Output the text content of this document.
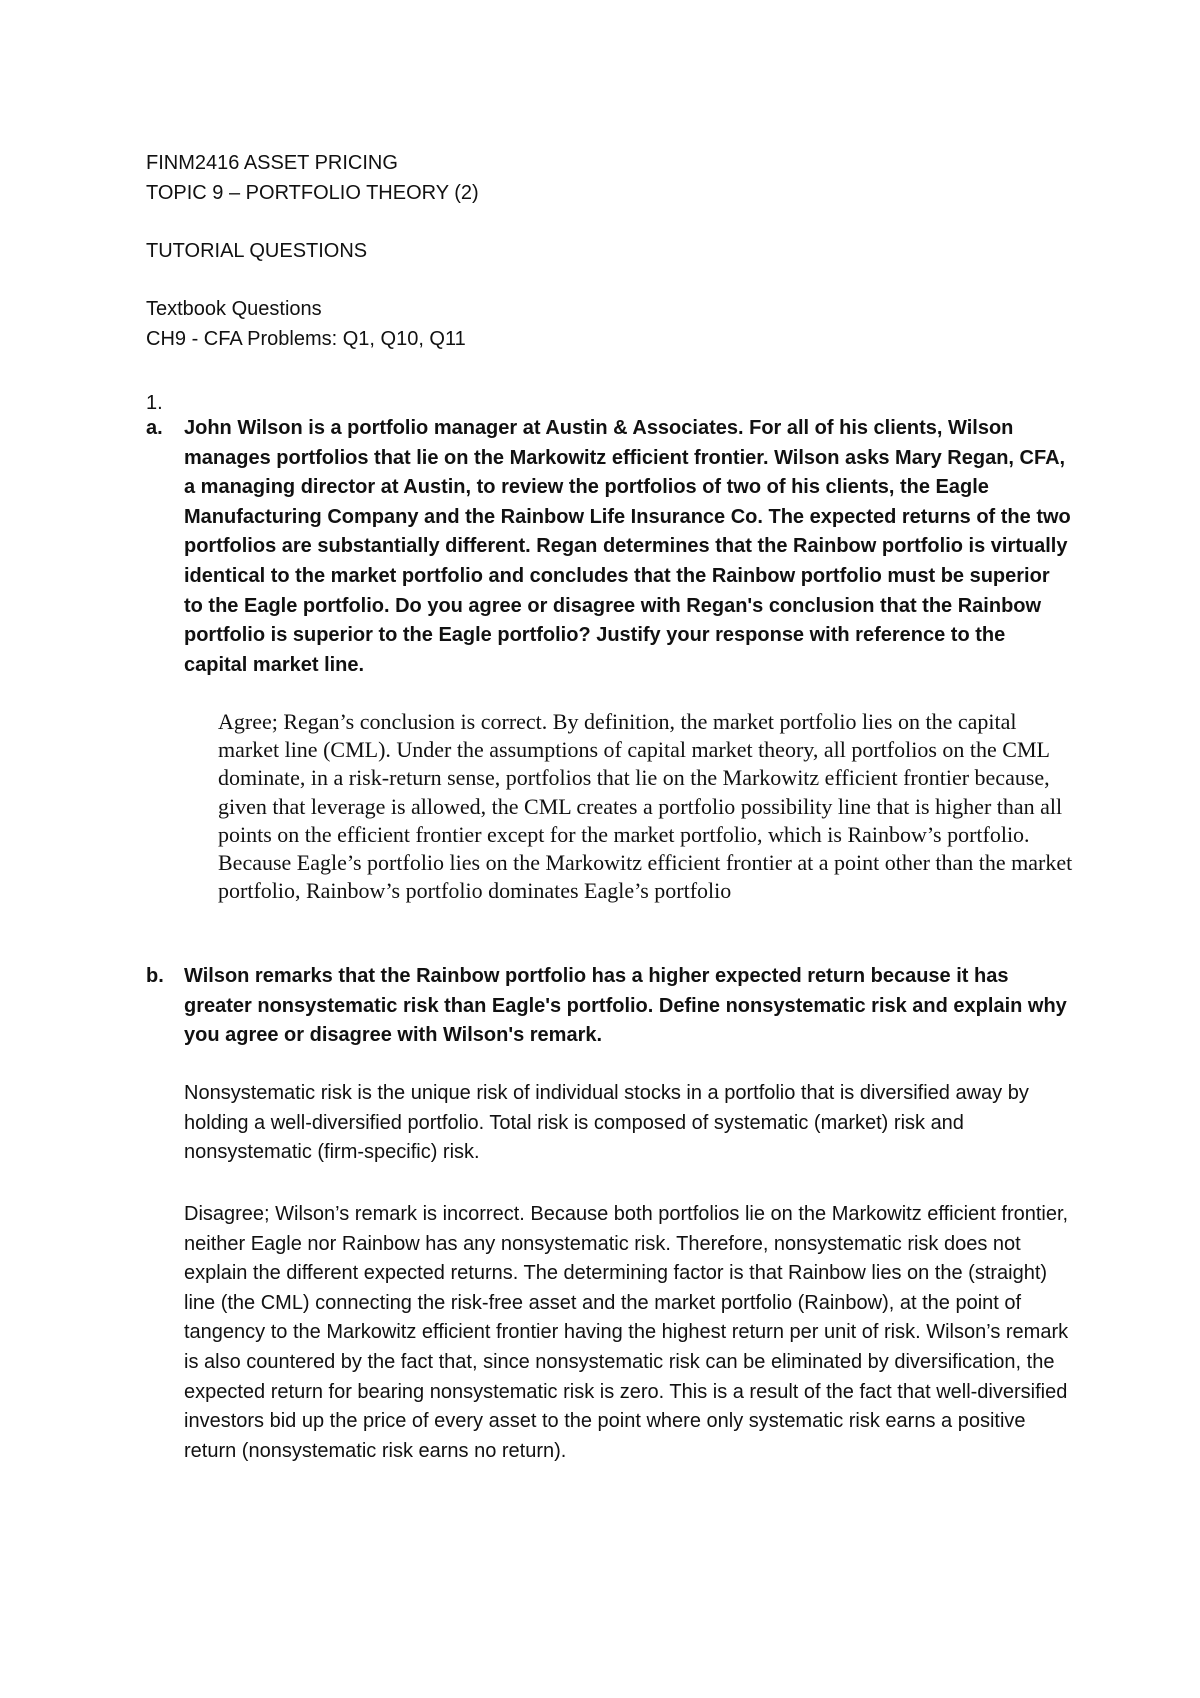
FINM2416 ASSET PRICING

TOPIC 9 – PORTFOLIO THEORY (2)

TUTORIAL QUESTIONS

Textbook Questions

CH9 - CFA Problems: Q1, Q10, Q11

1.

a. John Wilson is a portfolio manager at Austin & Associates. For all of his clients, Wilson manages portfolios that lie on the Markowitz efficient frontier. Wilson asks Mary Regan, CFA, a managing director at Austin, to review the portfolios of two of his clients, the Eagle Manufacturing Company and the Rainbow Life Insurance Co. The expected returns of the two portfolios are substantially different. Regan determines that the Rainbow portfolio is virtually identical to the market portfolio and concludes that the Rainbow portfolio must be superior to the Eagle portfolio. Do you agree or disagree with Regan's conclusion that the Rainbow portfolio is superior to the Eagle portfolio? Justify your response with reference to the capital market line.

Agree; Regan’s conclusion is correct. By definition, the market portfolio lies on the capital market line (CML). Under the assumptions of capital market theory, all portfolios on the CML dominate, in a risk-return sense, portfolios that lie on the Markowitz efficient frontier because, given that leverage is allowed, the CML creates a portfolio possibility line that is higher than all points on the efficient frontier except for the market portfolio, which is Rainbow’s portfolio. Because Eagle’s portfolio lies on the Markowitz efficient frontier at a point other than the market portfolio, Rainbow’s portfolio dominates Eagle’s portfolio

b. Wilson remarks that the Rainbow portfolio has a higher expected return because it has greater nonsystematic risk than Eagle's portfolio. Define nonsystematic risk and explain why you agree or disagree with Wilson's remark.

Nonsystematic risk is the unique risk of individual stocks in a portfolio that is diversified away by holding a well-diversified portfolio. Total risk is composed of systematic (market) risk and nonsystematic (firm-specific) risk.

Disagree; Wilson’s remark is incorrect. Because both portfolios lie on the Markowitz efficient frontier, neither Eagle nor Rainbow has any nonsystematic risk. Therefore, nonsystematic risk does not explain the different expected returns. The determining factor is that Rainbow lies on the (straight) line (the CML) connecting the risk-free asset and the market portfolio (Rainbow), at the point of tangency to the Markowitz efficient frontier having the highest return per unit of risk. Wilson’s remark is also countered by the fact that, since nonsystematic risk can be eliminated by diversification, the expected return for bearing nonsystematic risk is zero. This is a result of the fact that well-diversified investors bid up the price of every asset to the point where only systematic risk earns a positive return (nonsystematic risk earns no return).
